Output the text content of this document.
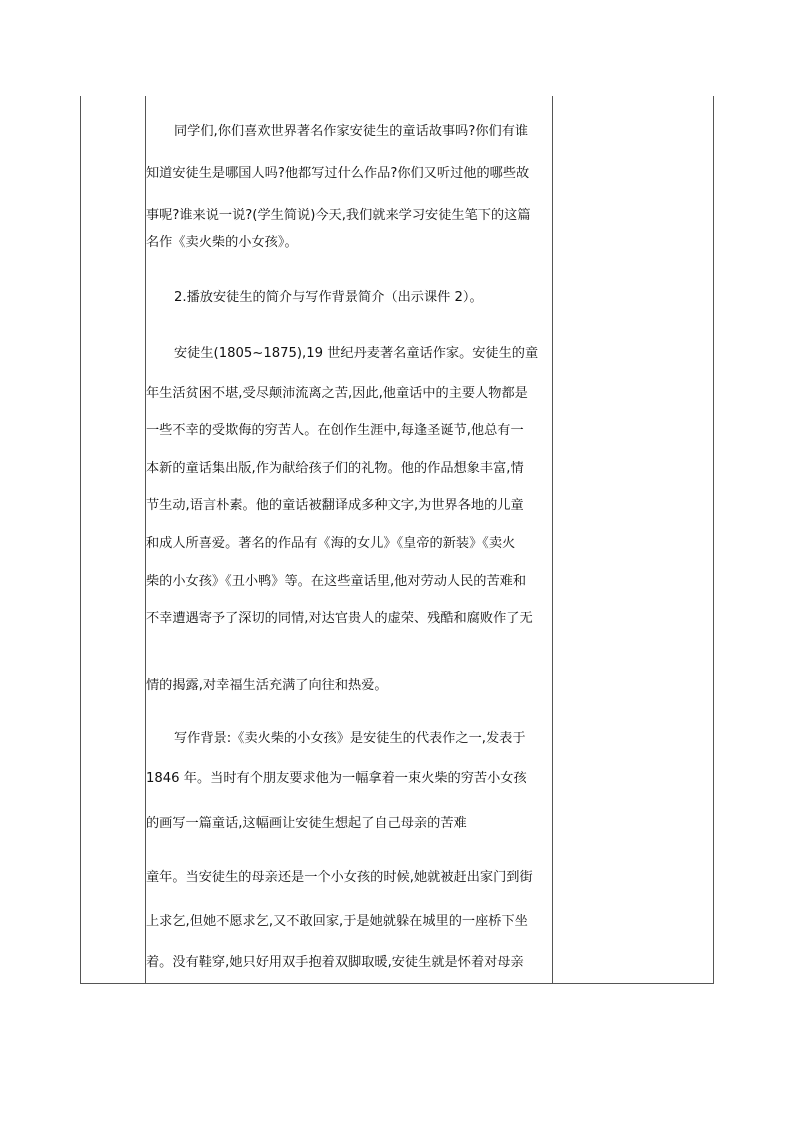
同学们,你们喜欢世界著名作家安徒生的童话故事吗?你们有谁
知道安徒生是哪国人吗?他都写过什么作品?你们又听过他的哪些故
事呢?谁来说一说?(学生简说)今天,我们就来学习安徒生笔下的这篇
名作《卖火柴的小女孩》。
2.播放安徒生的简介与写作背景简介（出示课件 2）。
安徒生(1805~1875),19 世纪丹麦著名童话作家。安徒生的童
年生活贫困不堪,受尽颠沛流离之苦,因此,他童话中的主要人物都是
一些不幸的受欺侮的穷苦人。在创作生涯中,每逢圣诞节,他总有一
本新的童话集出版,作为献给孩子们的礼物。他的作品想象丰富,情
节生动,语言朴素。他的童话被翻译成多种文字,为世界各地的儿童
和成人所喜爱。著名的作品有《海的女儿》《皇帝的新装》《卖火
柴的小女孩》《丑小鸭》等。在这些童话里,他对劳动人民的苦难和
不幸遭遇寄予了深切的同情,对达官贵人的虚荣、残酷和腐败作了无
情的揭露,对幸福生活充满了向往和热爱。
写作背景:《卖火柴的小女孩》是安徒生的代表作之一,发表于
1846 年。当时有个朋友要求他为一幅拿着一束火柴的穷苦小女孩
的画写一篇童话,这幅画让安徒生想起了自己母亲的苦难
童年。当安徒生的母亲还是一个小女孩的时候,她就被赶出家门到街
上求乞,但她不愿求乞,又不敢回家,于是她就躲在城里的一座桥下坐
着。没有鞋穿,她只好用双手抱着双脚取暖,安徒生就是怀着对母亲
